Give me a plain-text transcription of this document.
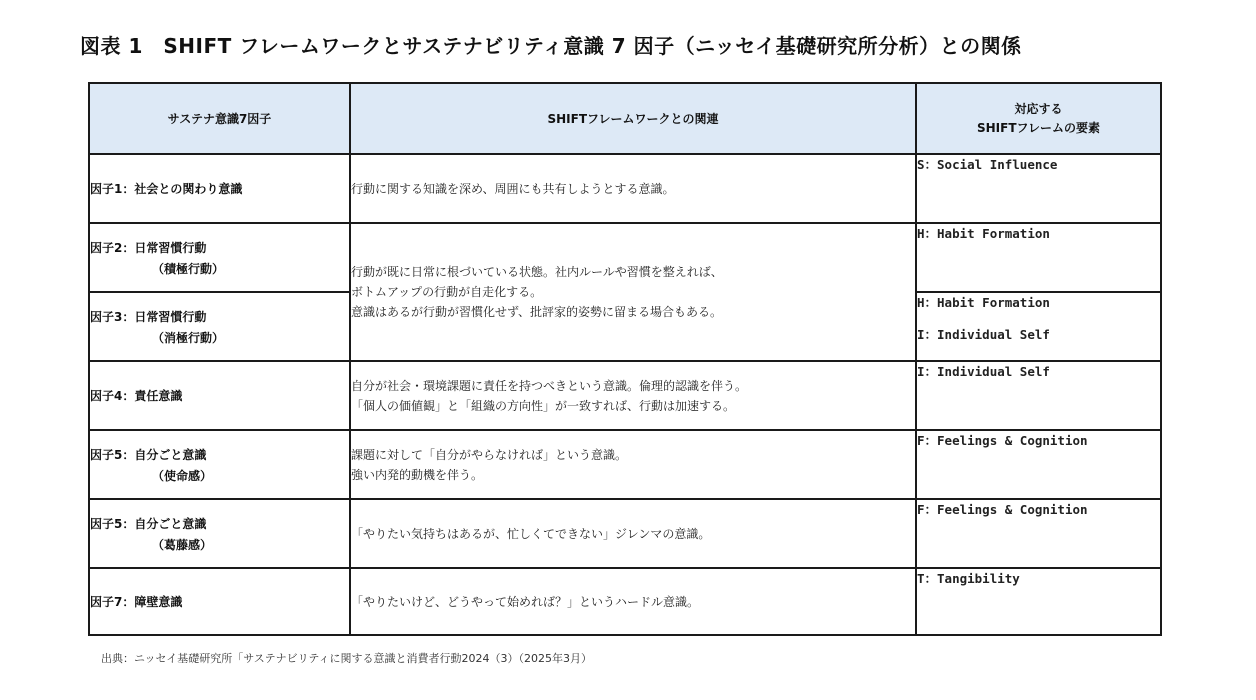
図表 1　SHIFT フレームワークとサステナビリティ意識 7 因子（ニッセイ基礎研究所分析）との関係
サステナ意識7因子	SHIFTフレームワークとの関連	対応する
SHIFTフレームの要素

因子1：社会との関わり意識	行動に関する知識を深め、周囲にも共有しようとする意識。	S：Social Influence

因子2：日常習慣行動
（積極行動）	行動が既に日常に根づいている状態。社内ルールや習慣を整えれば、
ボトムアップの行動が自走化する。
意識はあるが行動が習慣化せず、批評家的姿勢に留まる場合もある。	H：Habit Formation

因子3：日常習慣行動
（消極行動）		H：Habit Formation
I：Individual Self

因子4：責任意識	自分が社会・環境課題に責任を持つべきという意識。倫理的認識を伴う。
「個人の価値観」と「組織の方向性」が一致すれば、行動は加速する。	I：Individual Self

因子5：自分ごと意識
（使命感）	課題に対して「自分がやらなければ」という意識。
強い内発的動機を伴う。	F：Feelings & Cognition

因子5：自分ごと意識
（葛藤感）	「やりたい気持ちはあるが、忙しくてできない」ジレンマの意識。	F：Feelings & Cognition

因子7：障壁意識	「やりたいけど、どうやって始めれば？」というハードル意識。	T：Tangibility
出典：ニッセイ基礎研究所「サステナビリティに関する意識と消費者行動2024（3）（2025年3月）
